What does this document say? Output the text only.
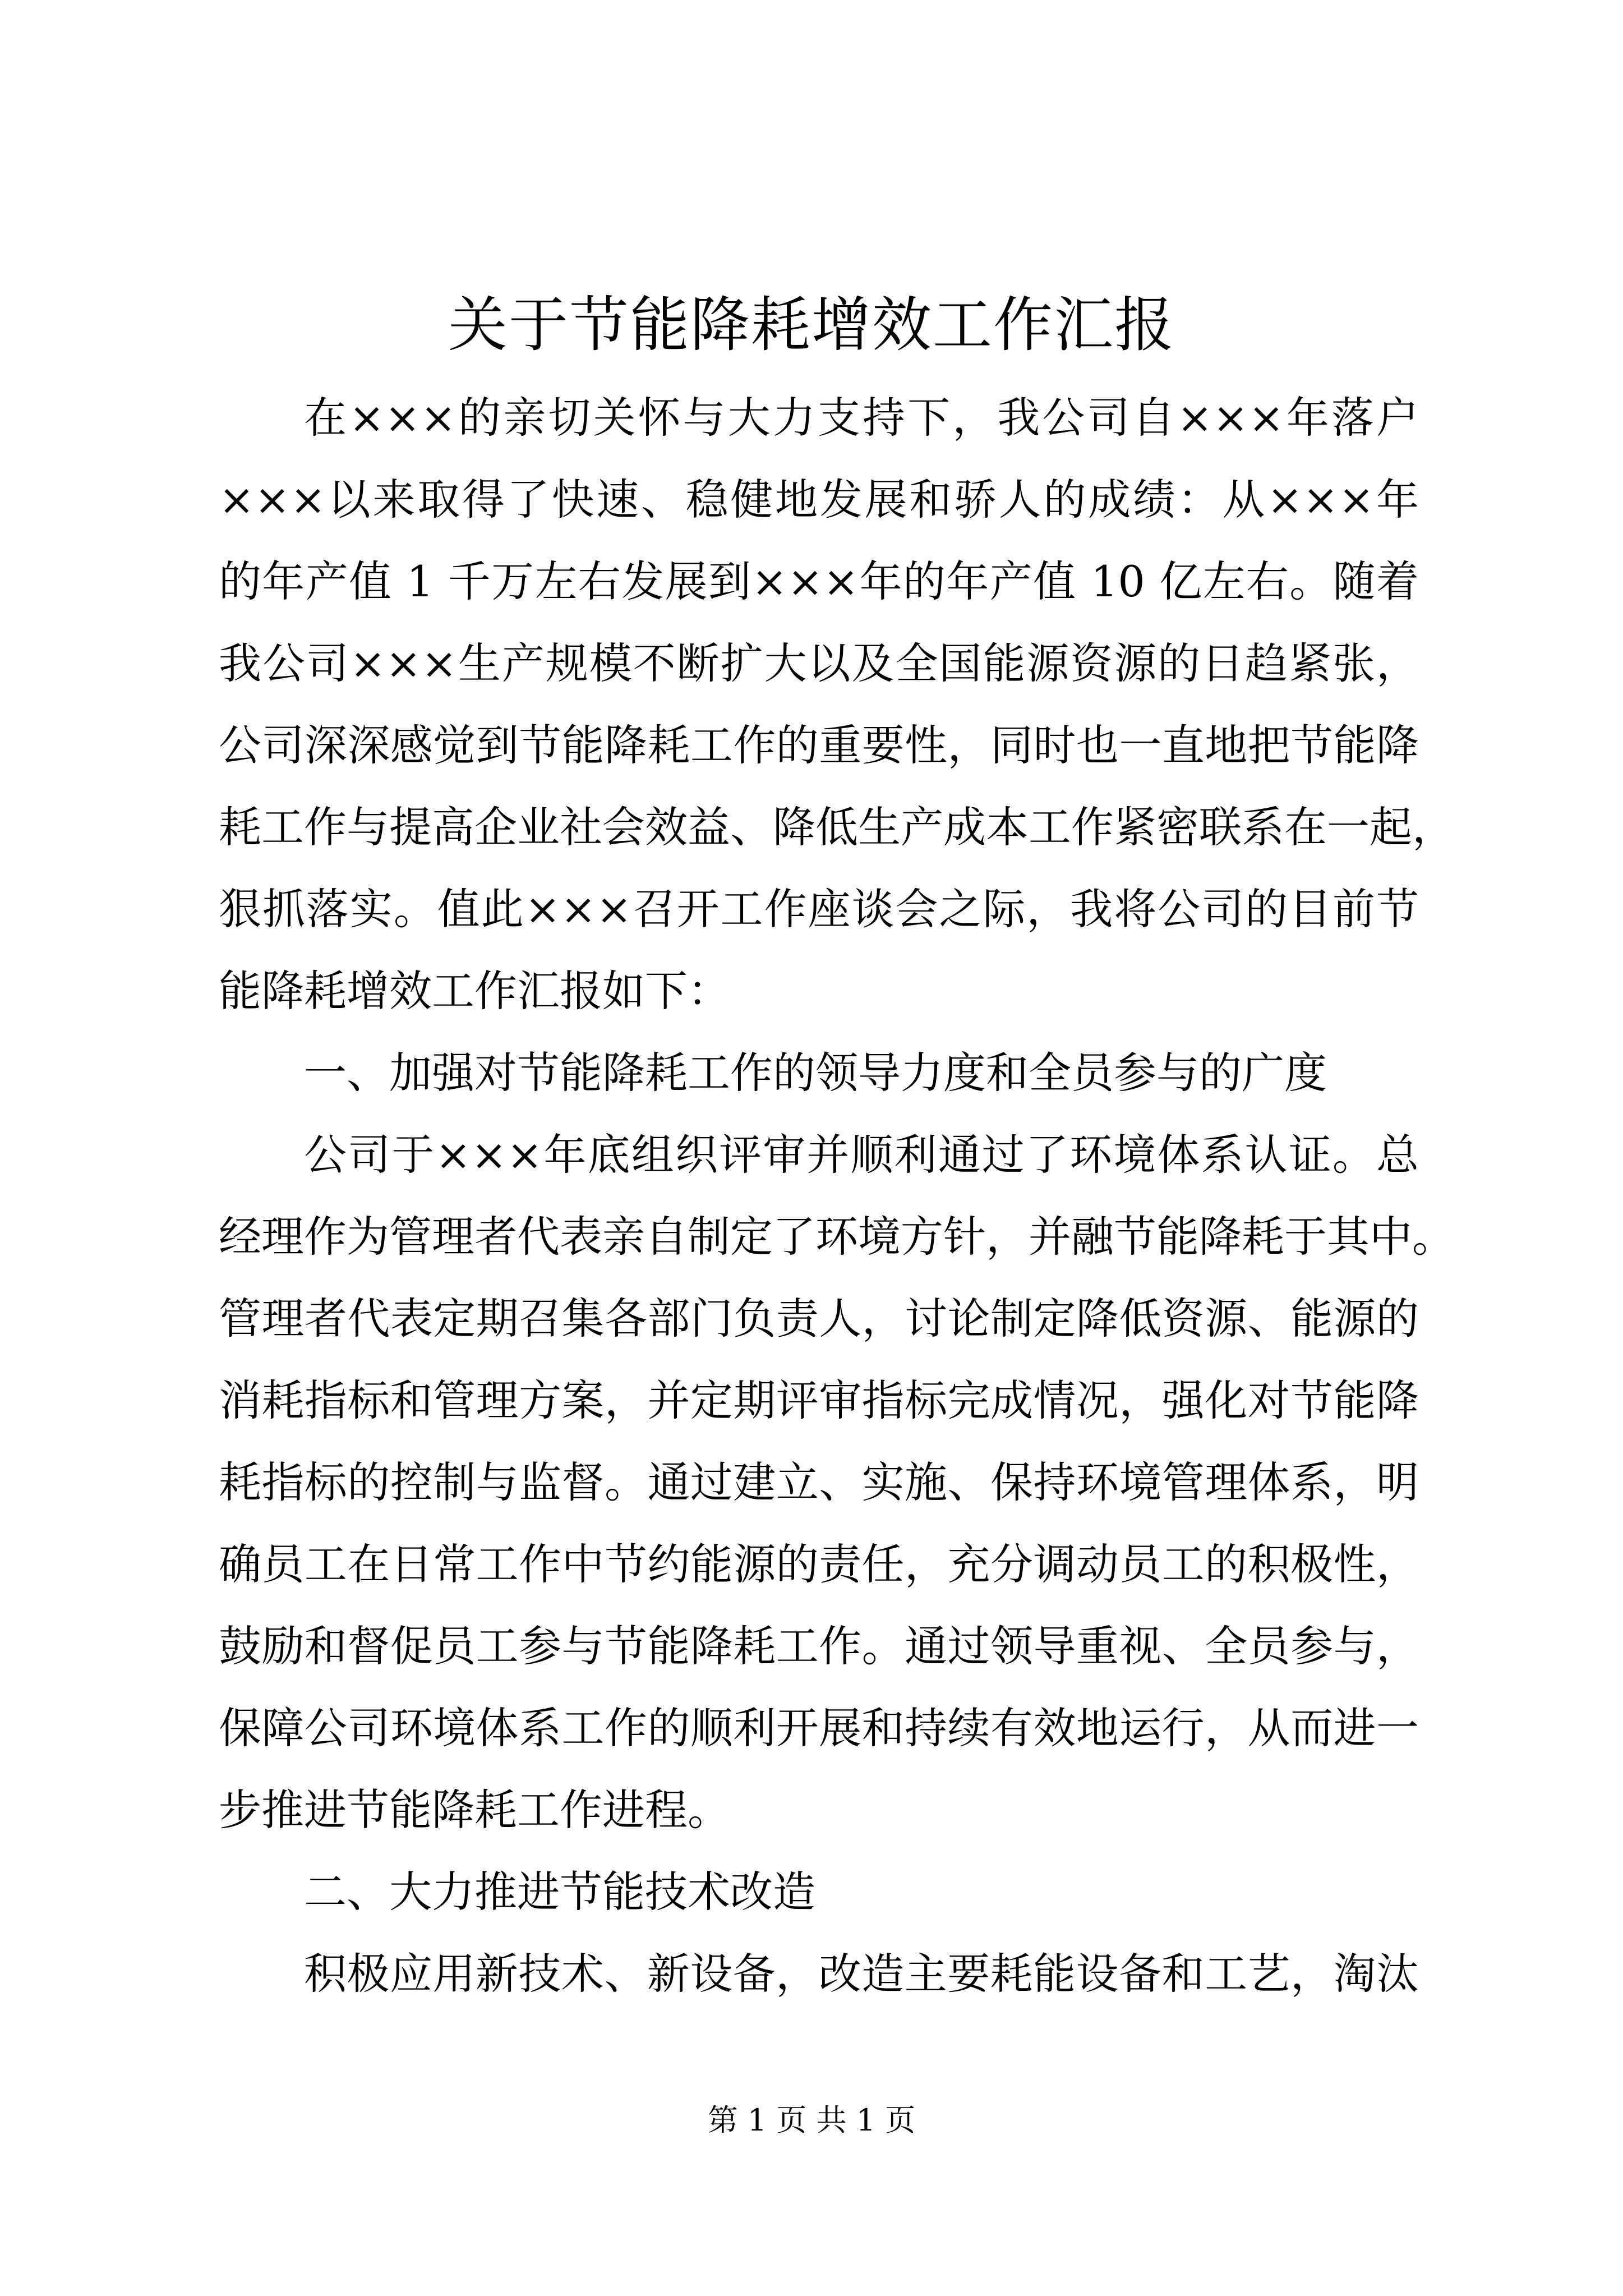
关于节能降耗增效工作汇报
在×××的亲切关怀与大力支持下，我公司自×××年落户
×××以来取得了快速、稳健地发展和骄人的成绩：从×××年
的年产值 1 千万左右发展到×××年的年产值 10 亿左右。随着
我公司×××生产规模不断扩大以及全国能源资源的日趋紧张，
公司深深感觉到节能降耗工作的重要性，同时也一直地把节能降
耗工作与提高企业社会效益、降低生产成本工作紧密联系在一起，
狠抓落实。值此×××召开工作座谈会之际，我将公司的目前节
能降耗增效工作汇报如下：
一、加强对节能降耗工作的领导力度和全员参与的广度
公司于×××年底组织评审并顺利通过了环境体系认证。总
经理作为管理者代表亲自制定了环境方针，并融节能降耗于其中。
管理者代表定期召集各部门负责人，讨论制定降低资源、能源的
消耗指标和管理方案，并定期评审指标完成情况，强化对节能降
耗指标的控制与监督。通过建立、实施、保持环境管理体系，明
确员工在日常工作中节约能源的责任，充分调动员工的积极性，
鼓励和督促员工参与节能降耗工作。通过领导重视、全员参与，
保障公司环境体系工作的顺利开展和持续有效地运行，从而进一
步推进节能降耗工作进程。
二、大力推进节能技术改造
积极应用新技术、新设备，改造主要耗能设备和工艺，淘汰
第 1 页 共 1 页
